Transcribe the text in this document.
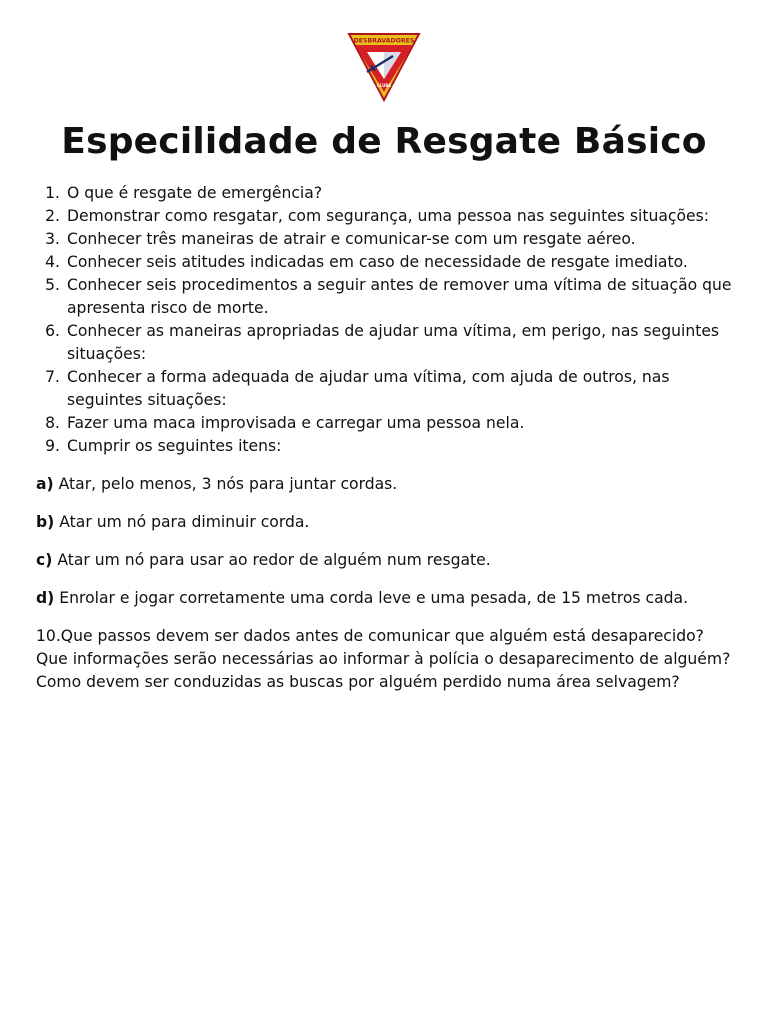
DESBRAVADORES
CLUBE
Especilidade de Resgate Básico
1. O que é resgate de emergência?
2. Demonstrar como resgatar, com segurança, uma pessoa nas seguintes situações:
3. Conhecer três maneiras de atrair e comunicar-se com um resgate aéreo.
4. Conhecer seis atitudes indicadas em caso de necessidade de resgate imediato.
5. Conhecer seis procedimentos a seguir antes de remover uma vítima de situação que apresenta risco de morte.
6. Conhecer as maneiras apropriadas de ajudar uma vítima, em perigo, nas seguintes situações:
7. Conhecer a forma adequada de ajudar uma vítima, com ajuda de outros, nas seguintes situações:
8. Fazer uma maca improvisada e carregar uma pessoa nela.
9. Cumprir os seguintes itens:

a) Atar, pelo menos, 3 nós para juntar cordas.

b) Atar um nó para diminuir corda.

c) Atar um nó para usar ao redor de alguém num resgate.

d) Enrolar e jogar corretamente uma corda leve e uma pesada, de 15 metros cada.

10.Que passos devem ser dados antes de comunicar que alguém está desaparecido? Que informações serão necessárias ao informar à polícia o desaparecimento de alguém? Como devem ser conduzidas as buscas por alguém perdido numa área selvagem?
